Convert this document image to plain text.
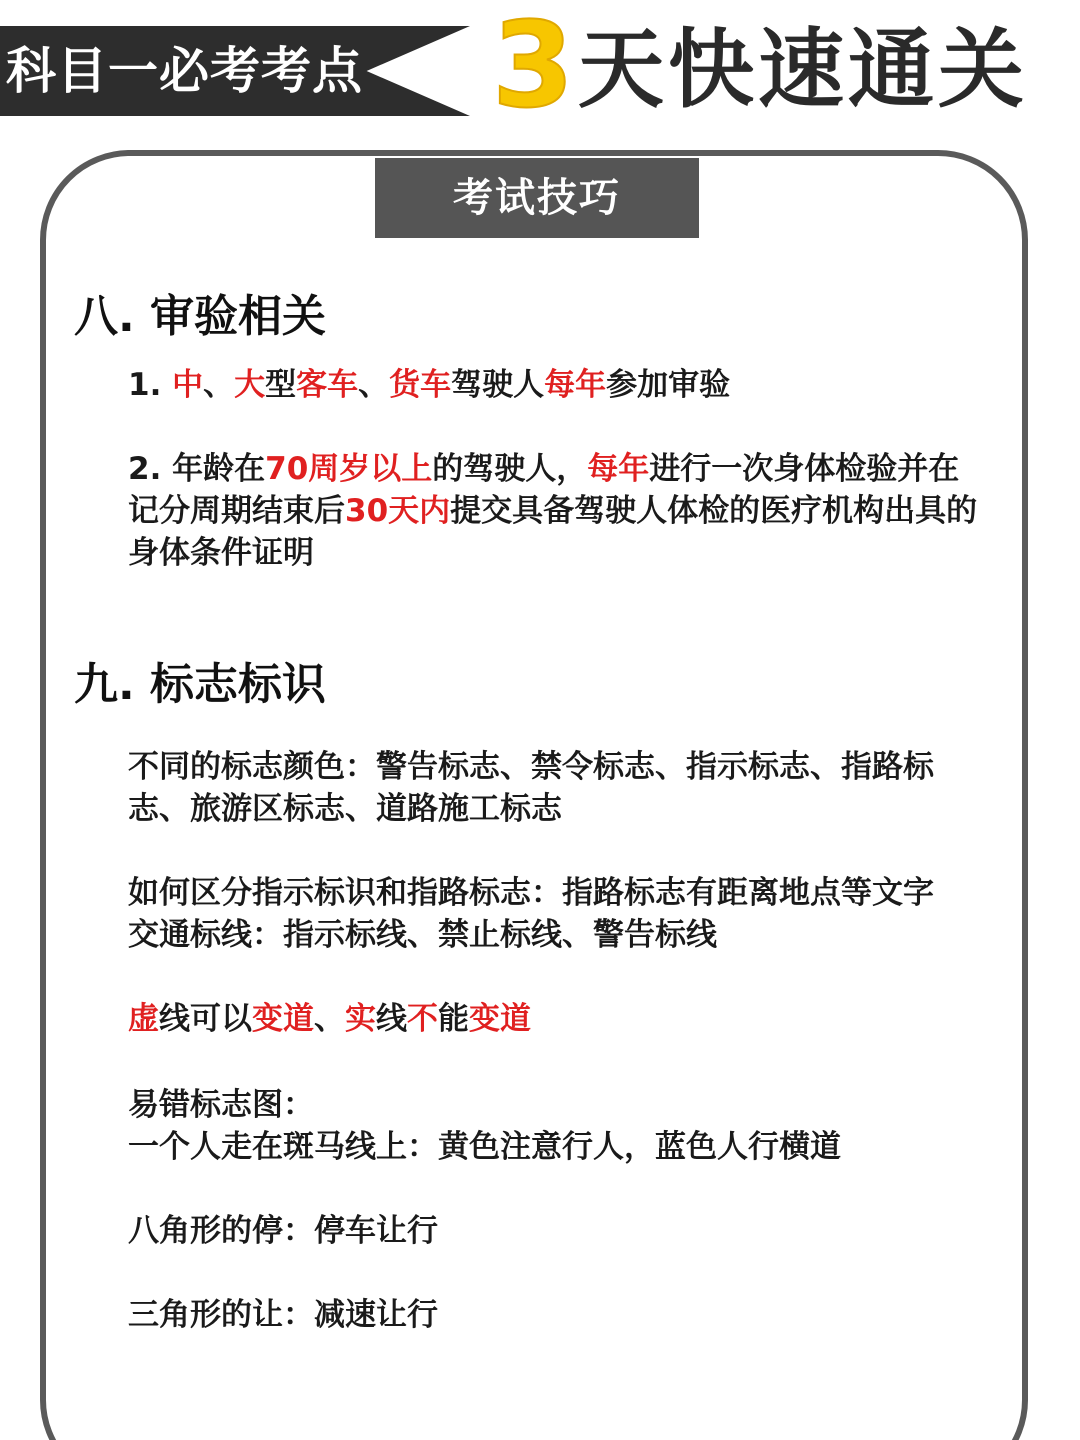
科目一必考考点 3 天快速通关
考试技巧
八. 审验相关
1. 中、大型客车、货车驾驶人每年参加审验
2. 年龄在70周岁以上的驾驶人，每年进行一次身体检验并在记分周期结束后30天内提交具备驾驶人体检的医疗机构出具的身体条件证明
九. 标志标识
不同的标志颜色：警告标志、禁令标志、指示标志、指路标志、旅游区标志、道路施工标志
如何区分指示标识和指路标志：指路标志有距离地点等文字
交通标线：指示标线、禁止标线、警告标线
虚线可以变道、实线不能变道
易错标志图：
一个人走在斑马线上：黄色注意行人，蓝色人行横道
八角形的停：停车让行
三角形的让：减速让行
